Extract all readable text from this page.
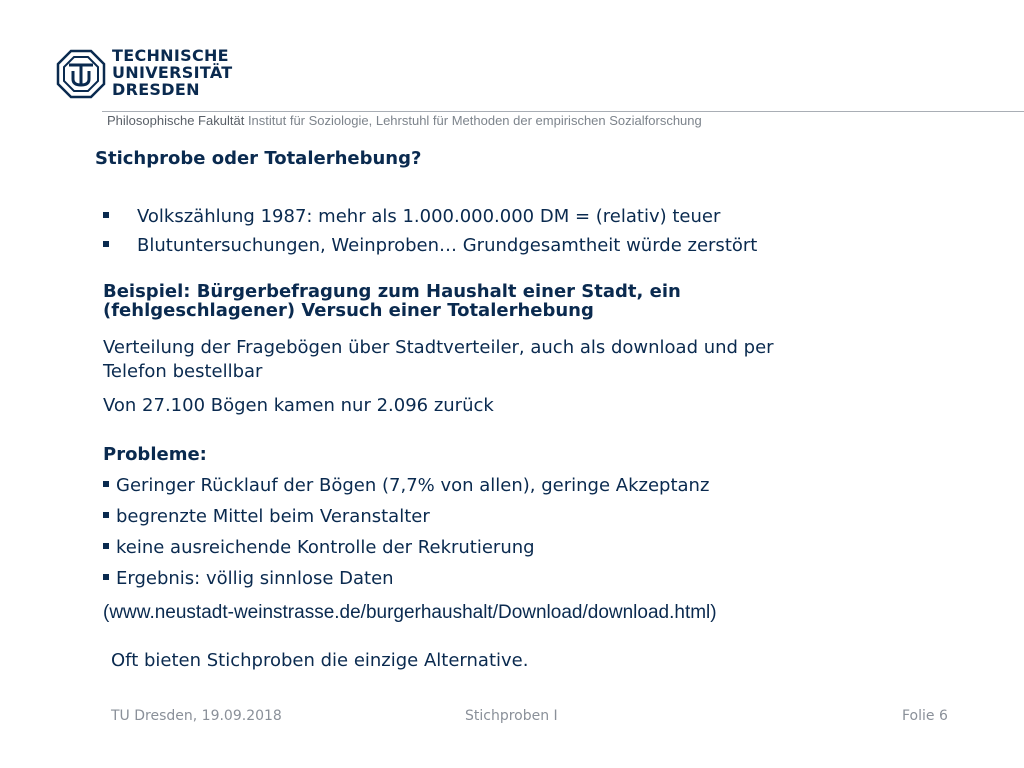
TECHNISCHE
UNIVERSITÄT
DRESDEN
Philosophische Fakultät Institut für Soziologie, Lehrstuhl für Methoden der empirischen Sozialforschung
Stichprobe oder Totalerhebung?
Volkszählung 1987: mehr als 1.000.000.000 DM = (relativ) teuer
Blutuntersuchungen, Weinproben… Grundgesamtheit würde zerstört
Beispiel: Bürgerbefragung zum Haushalt einer Stadt, ein
(fehlgeschlagener) Versuch einer Totalerhebung
Verteilung der Fragebögen über Stadtverteiler, auch als download und per
Telefon bestellbar
Von 27.100 Bögen kamen nur 2.096 zurück
Probleme:
Geringer Rücklauf der Bögen (7,7% von allen), geringe Akzeptanz
begrenzte Mittel beim Veranstalter
keine ausreichende Kontrolle der Rekrutierung
Ergebnis: völlig sinnlose Daten
(www.neustadt-weinstrasse.de/burgerhaushalt/Download/download.html)
Oft bieten Stichproben die einzige Alternative.
TU Dresden, 19.09.2018	Stichproben I	Folie 6
